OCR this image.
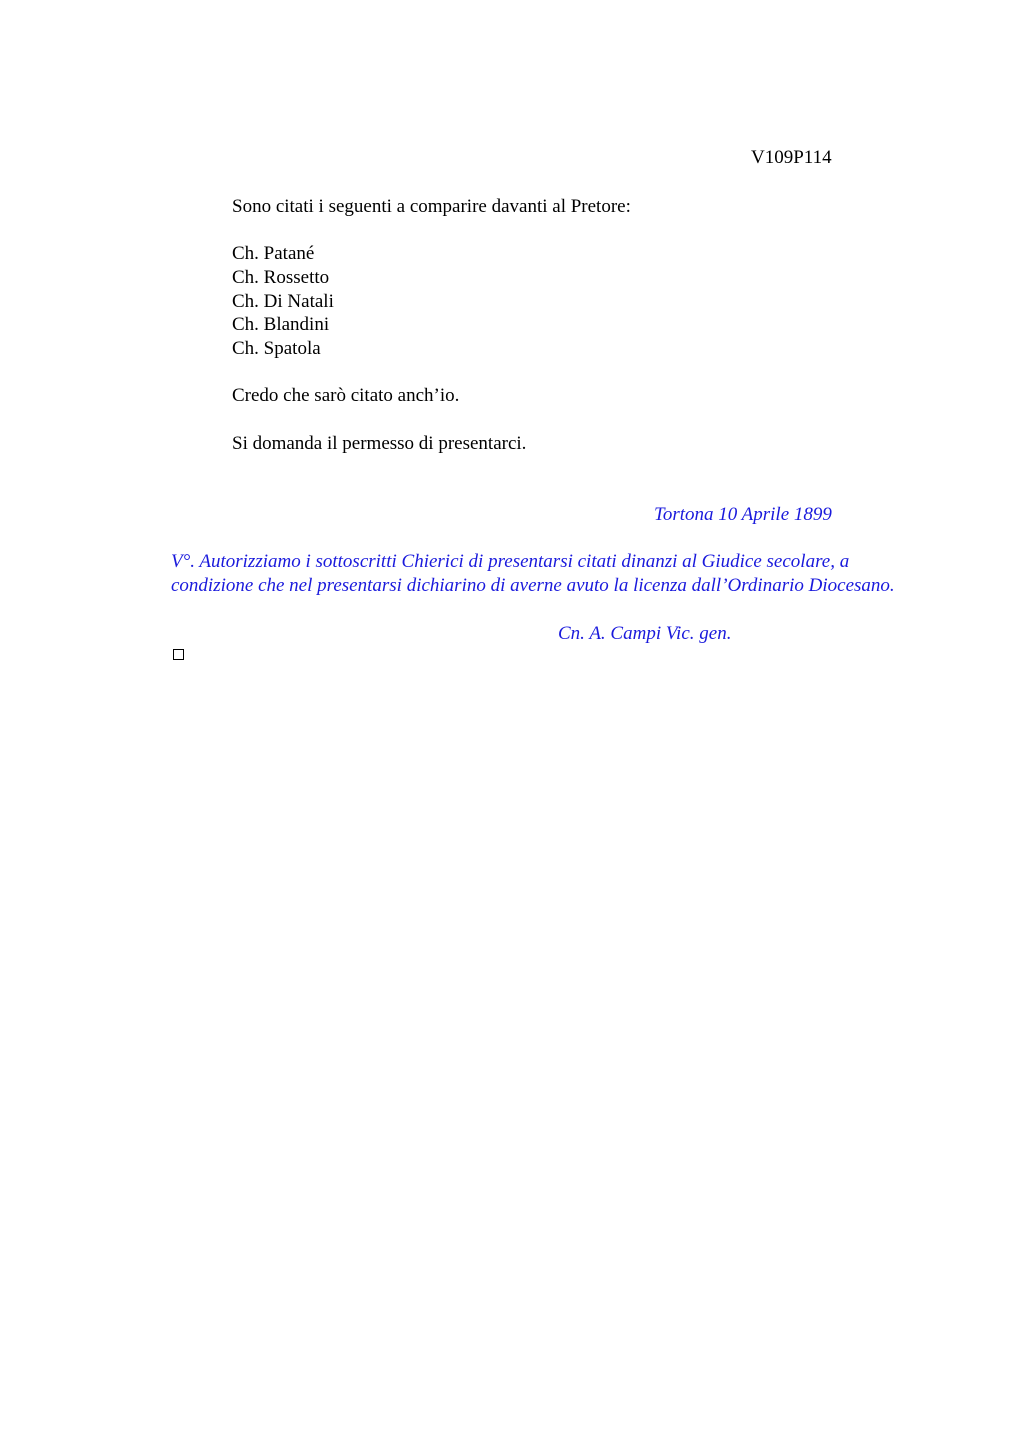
V109P114
Sono citati i seguenti a comparire davanti al Pretore:
Ch. Patané
Ch. Rossetto
Ch. Di Natali
Ch. Blandini
Ch. Spatola
Credo che sarò citato anch’io.
Si domanda il permesso di presentarci.
Tortona 10 Aprile 1899

V°. Autorizziamo i sottoscritti Chierici di presentarsi citati dinanzi al Giudice secolare, a condizione che nel presentarsi dichiarino di averne avuto la licenza dall’Ordinario Diocesano.

Cn. A. Campi Vic. gen.
